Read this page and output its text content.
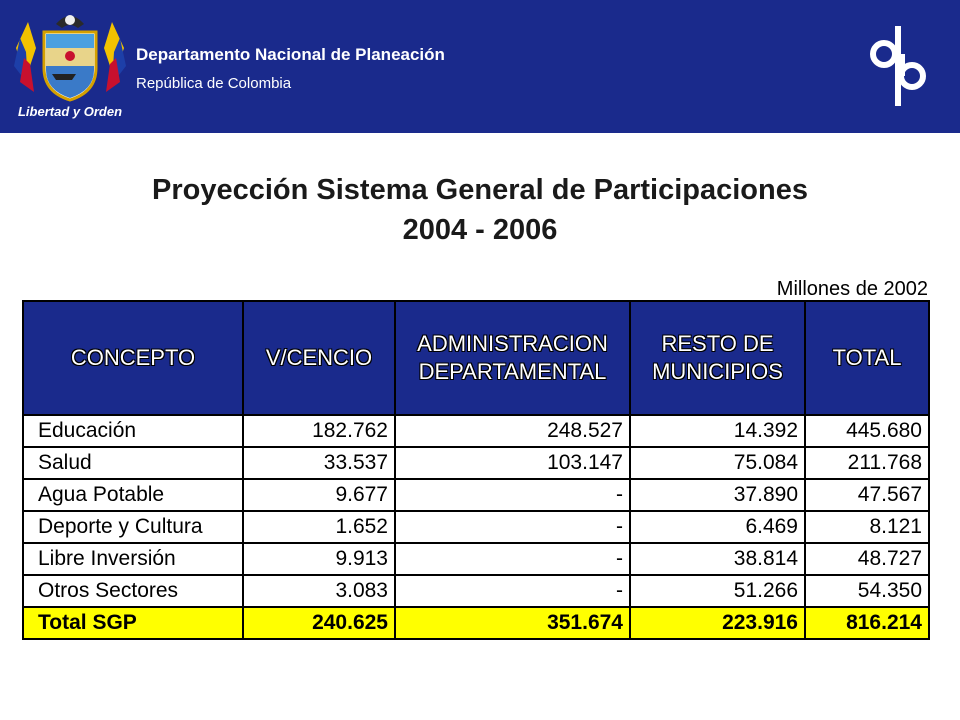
Libertad y Orden
Departamento Nacional de Planeación
República de Colombia
Proyección Sistema General de Participaciones
2004 - 2006
Millones de 2002
CONCEPTO	V/CENCIO	ADMINISTRACION DEPARTAMENTAL	RESTO DE MUNICIPIOS	TOTAL
Educación	182.762	248.527	14.392	445.680
Salud	33.537	103.147	75.084	211.768
Agua Potable	9.677	-	37.890	47.567
Deporte y Cultura	1.652	-	6.469	8.121
Libre Inversión	9.913	-	38.814	48.727
Otros Sectores	3.083	-	51.266	54.350
Total SGP	240.625	351.674	223.916	816.214
